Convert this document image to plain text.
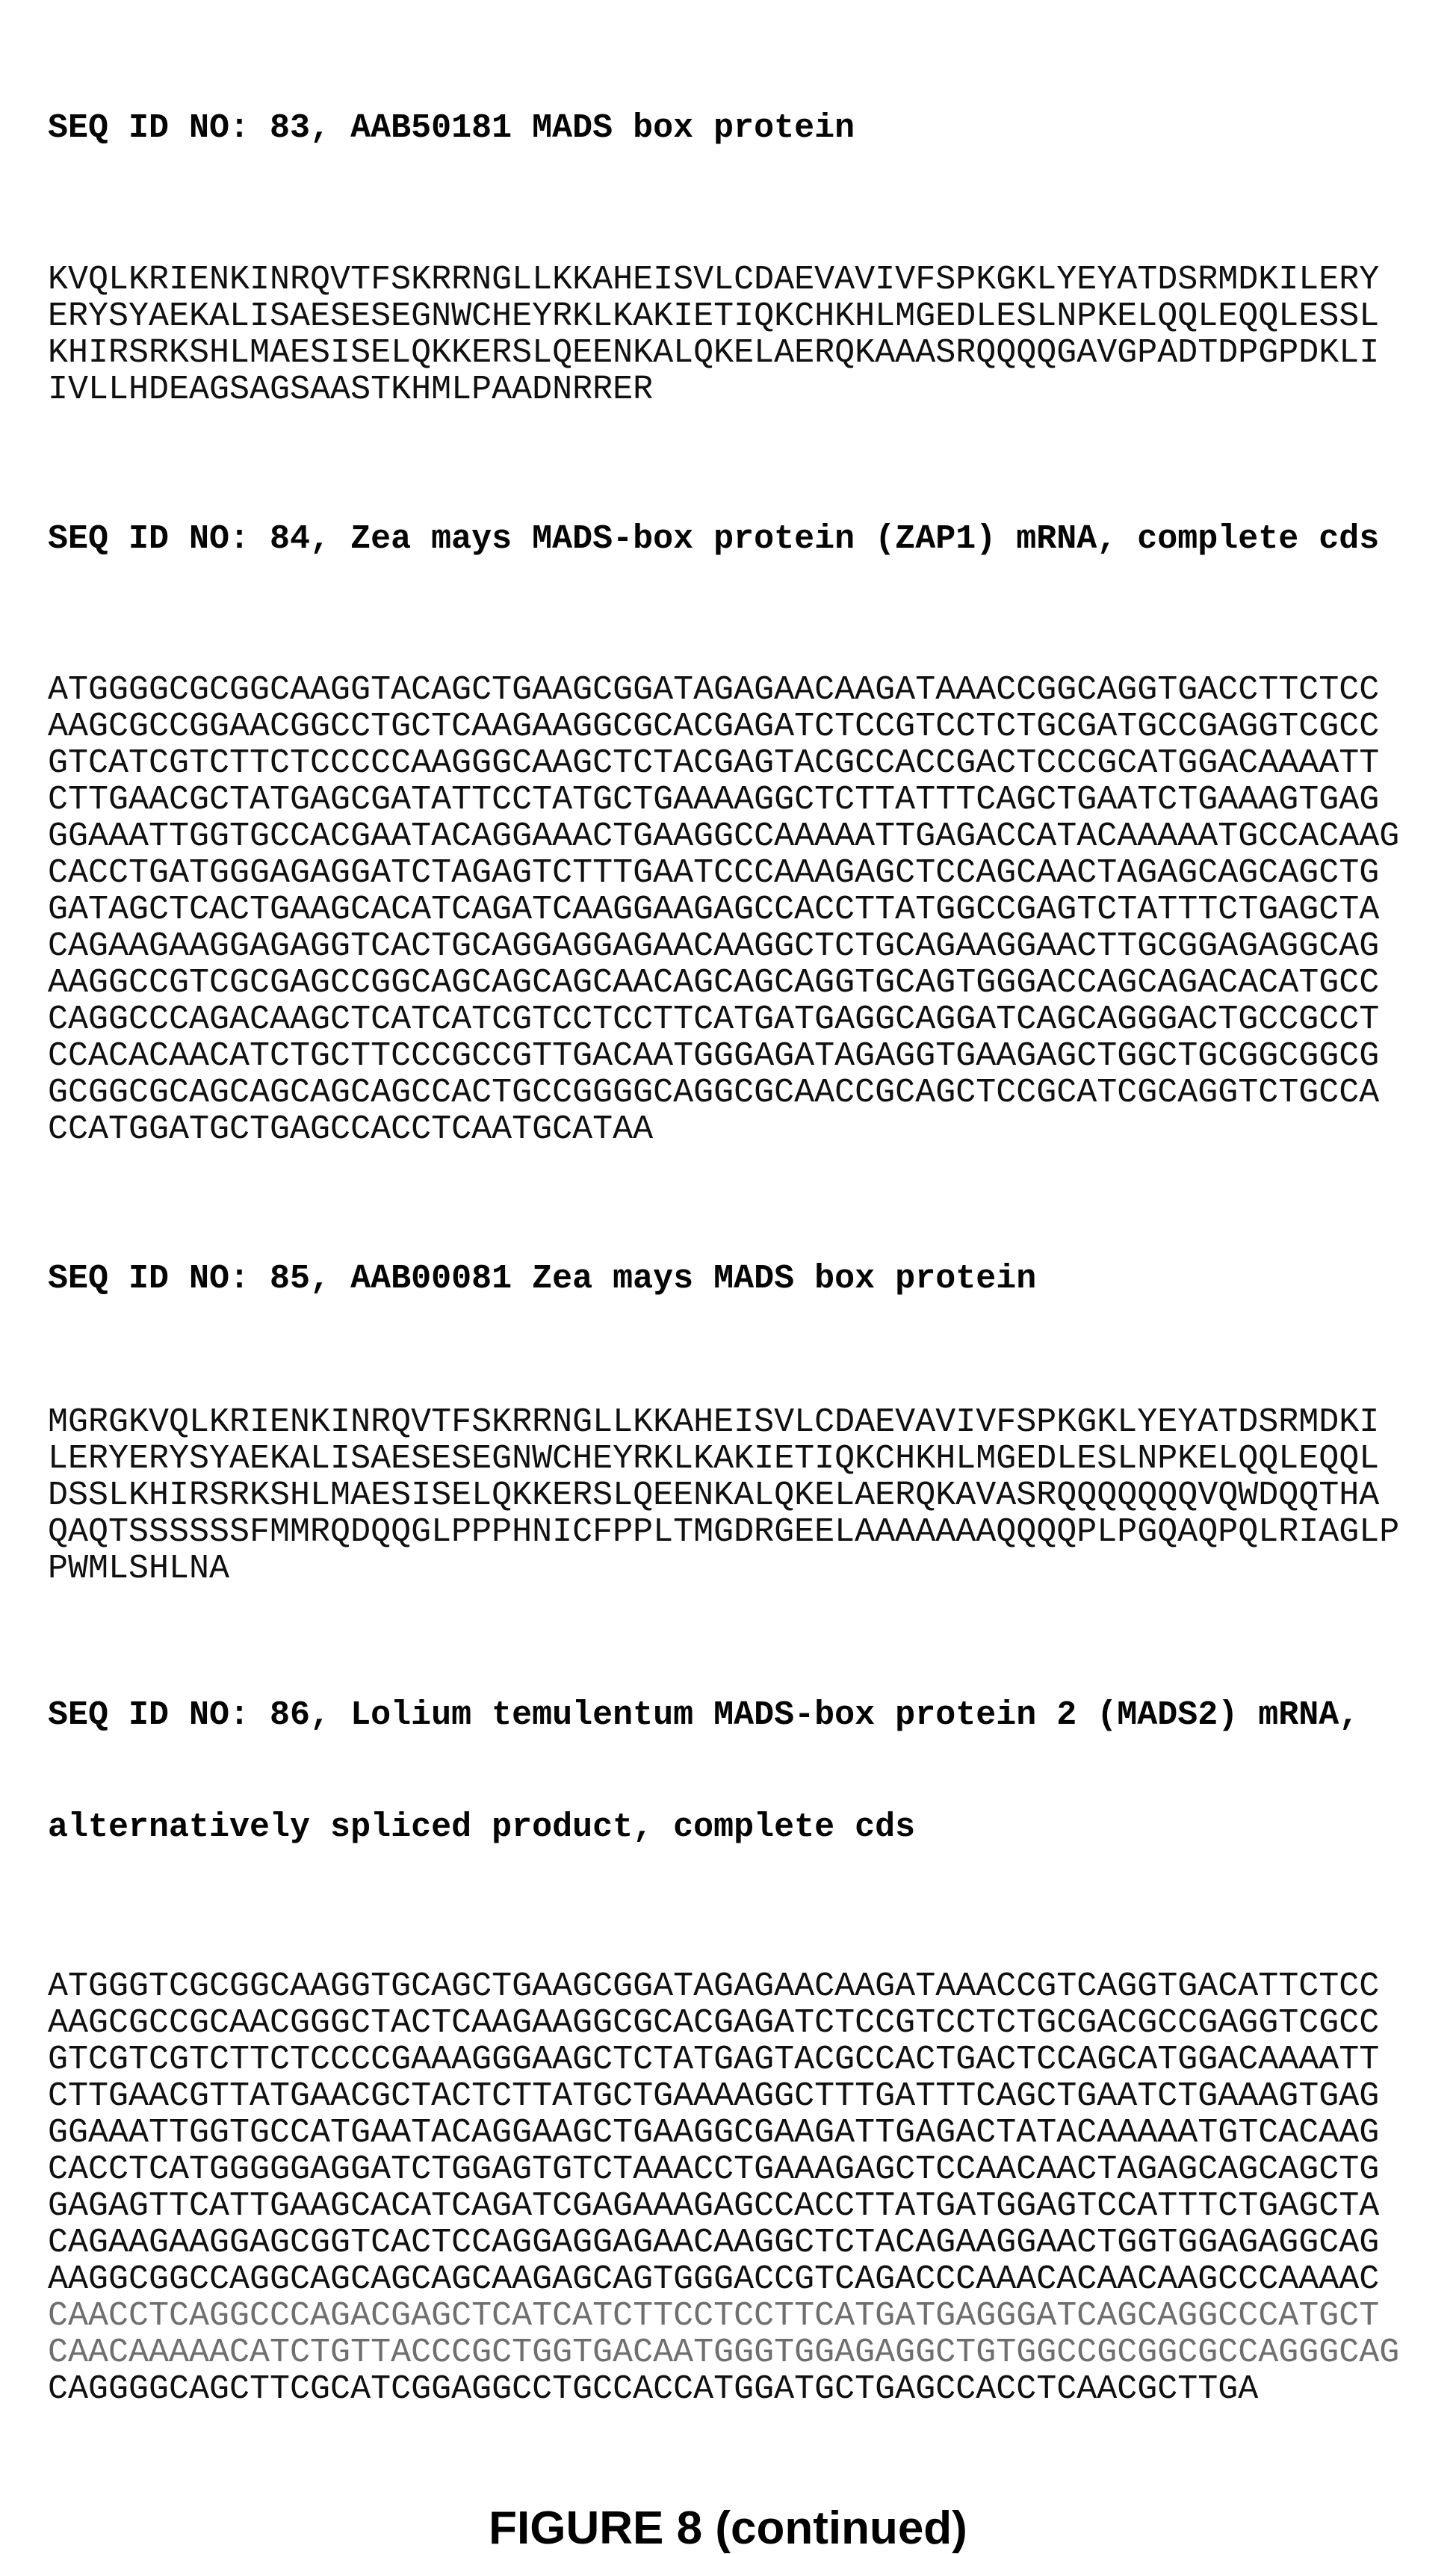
SEQ ID NO: 83, AAB50181 MADS box protein

KVQLKRIENKINRQVTFSKRRNGLLKKAHEISVLCDAEVAVIVFSPKGKLYEYATDSRMDKILERY
ERYSYAEKALISAESESEGNWCHEYRKLKAKIETIQKCHKHLMGEDLESLNPKELQQLEQQLESSL
KHIRSRKSHLMAESISELQKKERSLQEENKALQKELAERQKAAASRQQQQGAVGPADTDPGPDKLI
IVLLHDEAGSAGSAASTKHMLPAADNRRER

SEQ ID NO: 84, Zea mays MADS-box protein (ZAP1) mRNA, complete cds

ATGGGGCGCGGCAAGGTACAGCTGAAGCGGATAGAGAACAAGATAAACCGGCAGGTGACCTTCTCC
AAGCGCCGGAACGGCCTGCTCAAGAAGGCGCACGAGATCTCCGTCCTCTGCGATGCCGAGGTCGCC
GTCATCGTCTTCTCCCCCAAGGGCAAGCTCTACGAGTACGCCACCGACTCCCGCATGGACAAAATT
CTTGAACGCTATGAGCGATATTCCTATGCTGAAAAGGCTCTTATTTCAGCTGAATCTGAAAGTGAG
GGAAATTGGTGCCACGAATACAGGAAACTGAAGGCCAAAAATTGAGACCATACAAAAATGCCACAAG
CACCTGATGGGAGAGGATCTAGAGTCTTTGAATCCCAAAGAGCTCCAGCAACTAGAGCAGCAGCTG
GATAGCTCACTGAAGCACATCAGATCAAGGAAGAGCCACCTTATGGCCGAGTCTATTTCTGAGCTA
CAGAAGAAGGAGAGGTCACTGCAGGAGGAGAACAAGGCTCTGCAGAAGGAACTTGCGGAGAGGCAG
AAGGCCGTCGCGAGCCGGCAGCAGCAGCAACAGCAGCAGGTGCAGTGGGACCAGCAGACACATGCC
CAGGCCCAGACAAGCTCATCATCGTCCTCCTTCATGATGAGGCAGGATCAGCAGGGACTGCCGCCT
CCACACAACATCTGCTTCCCGCCGTTGACAATGGGAGATAGAGGTGAAGAGCTGGCTGCGGCGGCG
GCGGCGCAGCAGCAGCAGCCACTGCCGGGGCAGGCGCAACCGCAGCTCCGCATCGCAGGTCTGCCA
CCATGGATGCTGAGCCACCTCAATGCATAA

SEQ ID NO: 85, AAB00081 Zea mays MADS box protein

MGRGKVQLKRIENKINRQVTFSKRRNGLLKKAHEISVLCDAEVAVIVFSPKGKLYEYATDSRMDKI
LERYERYSYAEKALISAESESEGNWCHEYRKLKAKIETIQKCHKHLMGEDLESLNPKELQQLEQQL
DSSLKHIRSRKSHLMAESISELQKKERSLQEENKALQKELAERQKAVASRQQQQQQQVQWDQQTHA
QAQTSSSSSSFMMRQDQQGLPPPHNICFPPLTMGDRGEELAAAAAAAQQQQPLPGQAQPQLRIAGLP
PWMLSHLNA

SEQ ID NO: 86, Lolium temulentum MADS-box protein 2 (MADS2) mRNA,

alternatively spliced product, complete cds

ATGGGTCGCGGCAAGGTGCAGCTGAAGCGGATAGAGAACAAGATAAACCGTCAGGTGACATTCTCC
AAGCGCCGCAACGGGCTACTCAAGAAGGCGCACGAGATCTCCGTCCTCTGCGACGCCGAGGTCGCC
GTCGTCGTCTTCTCCCCGAAAGGGAAGCTCTATGAGTACGCCACTGACTCCAGCATGGACAAAATT
CTTGAACGTTATGAACGCTACTCTTATGCTGAAAAGGCTTTGATTTCAGCTGAATCTGAAAGTGAG
GGAAATTGGTGCCATGAATACAGGAAGCTGAAGGCGAAGATTGAGACTATACAAAAATGTCACAAG
CACCTCATGGGGGAGGATCTGGAGTGTCTAAACCTGAAAGAGCTCCAACAACTAGAGCAGCAGCTG
GAGAGTTCATTGAAGCACATCAGATCGAGAAAGAGCCACCTTATGATGGAGTCCATTTCTGAGCTA
CAGAAGAAGGAGCGGTCACTCCAGGAGGAGAACAAGGCTCTACAGAAGGAACTGGTGGAGAGGCAG
AAGGCGGCCAGGCAGCAGCAGCAAGAGCAGTGGGACCGTCAGACCCAAACACAACAAGCCCAAAAC
CAACCTCAGGCCCAGACGAGCTCATCATCTTCCTCCTTCATGATGAGGGATCAGCAGGCCCATGCT
CAACAAAAACATCTGTTACCCGCTGGTGACAATGGGTGGAGAGGCTGTGGCCGCGGCGCCAGGGCAG
CAGGGGCAGCTTCGCATCGGAGGCCTGCCACCATGGATGCTGAGCCACCTCAACGCTTGA
FIGURE 8 (continued)
